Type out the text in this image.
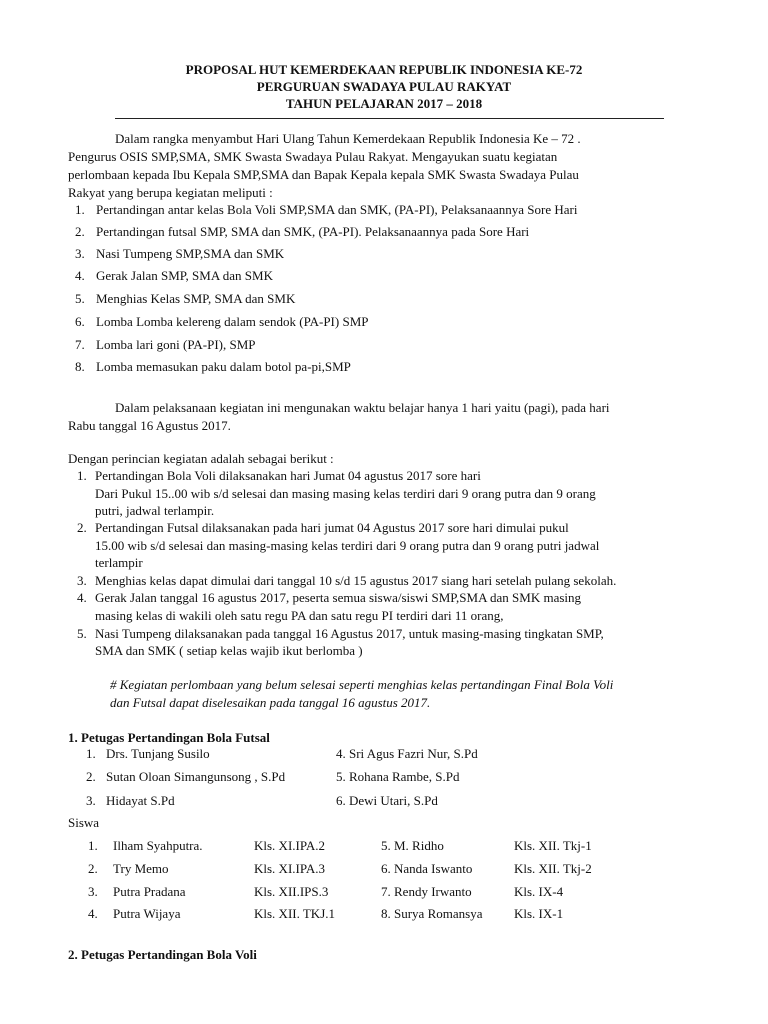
PROPOSAL HUT KEMERDEKAAN REPUBLIK INDONESIA KE-72
PERGURUAN SWADAYA PULAU RAKYAT
TAHUN PELAJARAN 2017 – 2018
Dalam rangka menyambut Hari Ulang Tahun Kemerdekaan Republik Indonesia Ke – 72 .
Pengurus OSIS SMP,SMA, SMK Swasta Swadaya Pulau Rakyat. Mengayukan suatu kegiatan
perlombaan kepada Ibu Kepala SMP,SMA dan Bapak Kepala kepala SMK Swasta Swadaya Pulau
Rakyat yang berupa kegiatan meliputi :
1. Pertandingan antar kelas Bola Voli SMP,SMA dan SMK, (PA-PI), Pelaksanaannya Sore Hari
2. Pertandingan futsal SMP, SMA dan SMK, (PA-PI). Pelaksanaannya pada Sore Hari
3. Nasi Tumpeng SMP,SMA dan SMK
4. Gerak Jalan SMP, SMA dan SMK
5. Menghias Kelas SMP, SMA dan SMK
6. Lomba Lomba kelereng dalam sendok (PA-PI) SMP
7. Lomba lari goni (PA-PI), SMP
8. Lomba memasukan paku dalam botol pa-pi,SMP
Dalam pelaksanaan kegiatan ini mengunakan waktu belajar hanya 1 hari yaitu (pagi), pada hari
Rabu tanggal 16 Agustus 2017.
Dengan perincian kegiatan adalah sebagai berikut :
1. Pertandingan Bola Voli dilaksanakan hari Jumat 04 agustus 2017 sore hari
Dari Pukul 15..00 wib s/d selesai dan masing masing kelas terdiri dari 9 orang putra dan 9 orang
putri, jadwal terlampir.
2. Pertandingan Futsal dilaksanakan pada hari jumat 04 Agustus 2017 sore hari dimulai pukul
15.00 wib s/d selesai dan masing-masing kelas terdiri dari 9 orang putra dan 9 orang putri jadwal
terlampir
3. Menghias kelas dapat dimulai dari tanggal 10 s/d 15 agustus 2017 siang hari setelah pulang sekolah.
4. Gerak Jalan tanggal 16 agustus 2017, peserta semua siswa/siswi SMP,SMA dan SMK masing
masing kelas di wakili oleh satu regu PA dan satu regu PI terdiri dari 11 orang,
5. Nasi Tumpeng dilaksanakan pada tanggal 16 Agustus 2017, untuk masing-masing tingkatan SMP,
SMA dan SMK ( setiap kelas wajib ikut berlomba )
# Kegiatan perlombaan yang belum selesai seperti menghias kelas pertandingan Final Bola Voli
dan Futsal dapat diselesaikan pada tanggal 16 agustus 2017.
1. Petugas Pertandingan Bola Futsal
1. Drs. Tunjang Susilo	4. Sri Agus Fazri Nur, S.Pd
2. Sutan Oloan Simangunsong , S.Pd	5. Rohana Rambe, S.Pd
3. Hidayat S.Pd	6. Dewi Utari, S.Pd
Siswa
1. Ilham Syahputra.	Kls. XI.IPA.2	5. M. Ridho	Kls. XII. Tkj-1
2. Try Memo	Kls. XI.IPA.3	6. Nanda Iswanto	Kls. XII. Tkj-2
3. Putra Pradana	Kls. XII.IPS.3	7. Rendy Irwanto	Kls. IX-4
4. Putra Wijaya	Kls. XII. TKJ.1	8. Surya Romansya Kls. IX-1
2. Petugas Pertandingan Bola Voli
